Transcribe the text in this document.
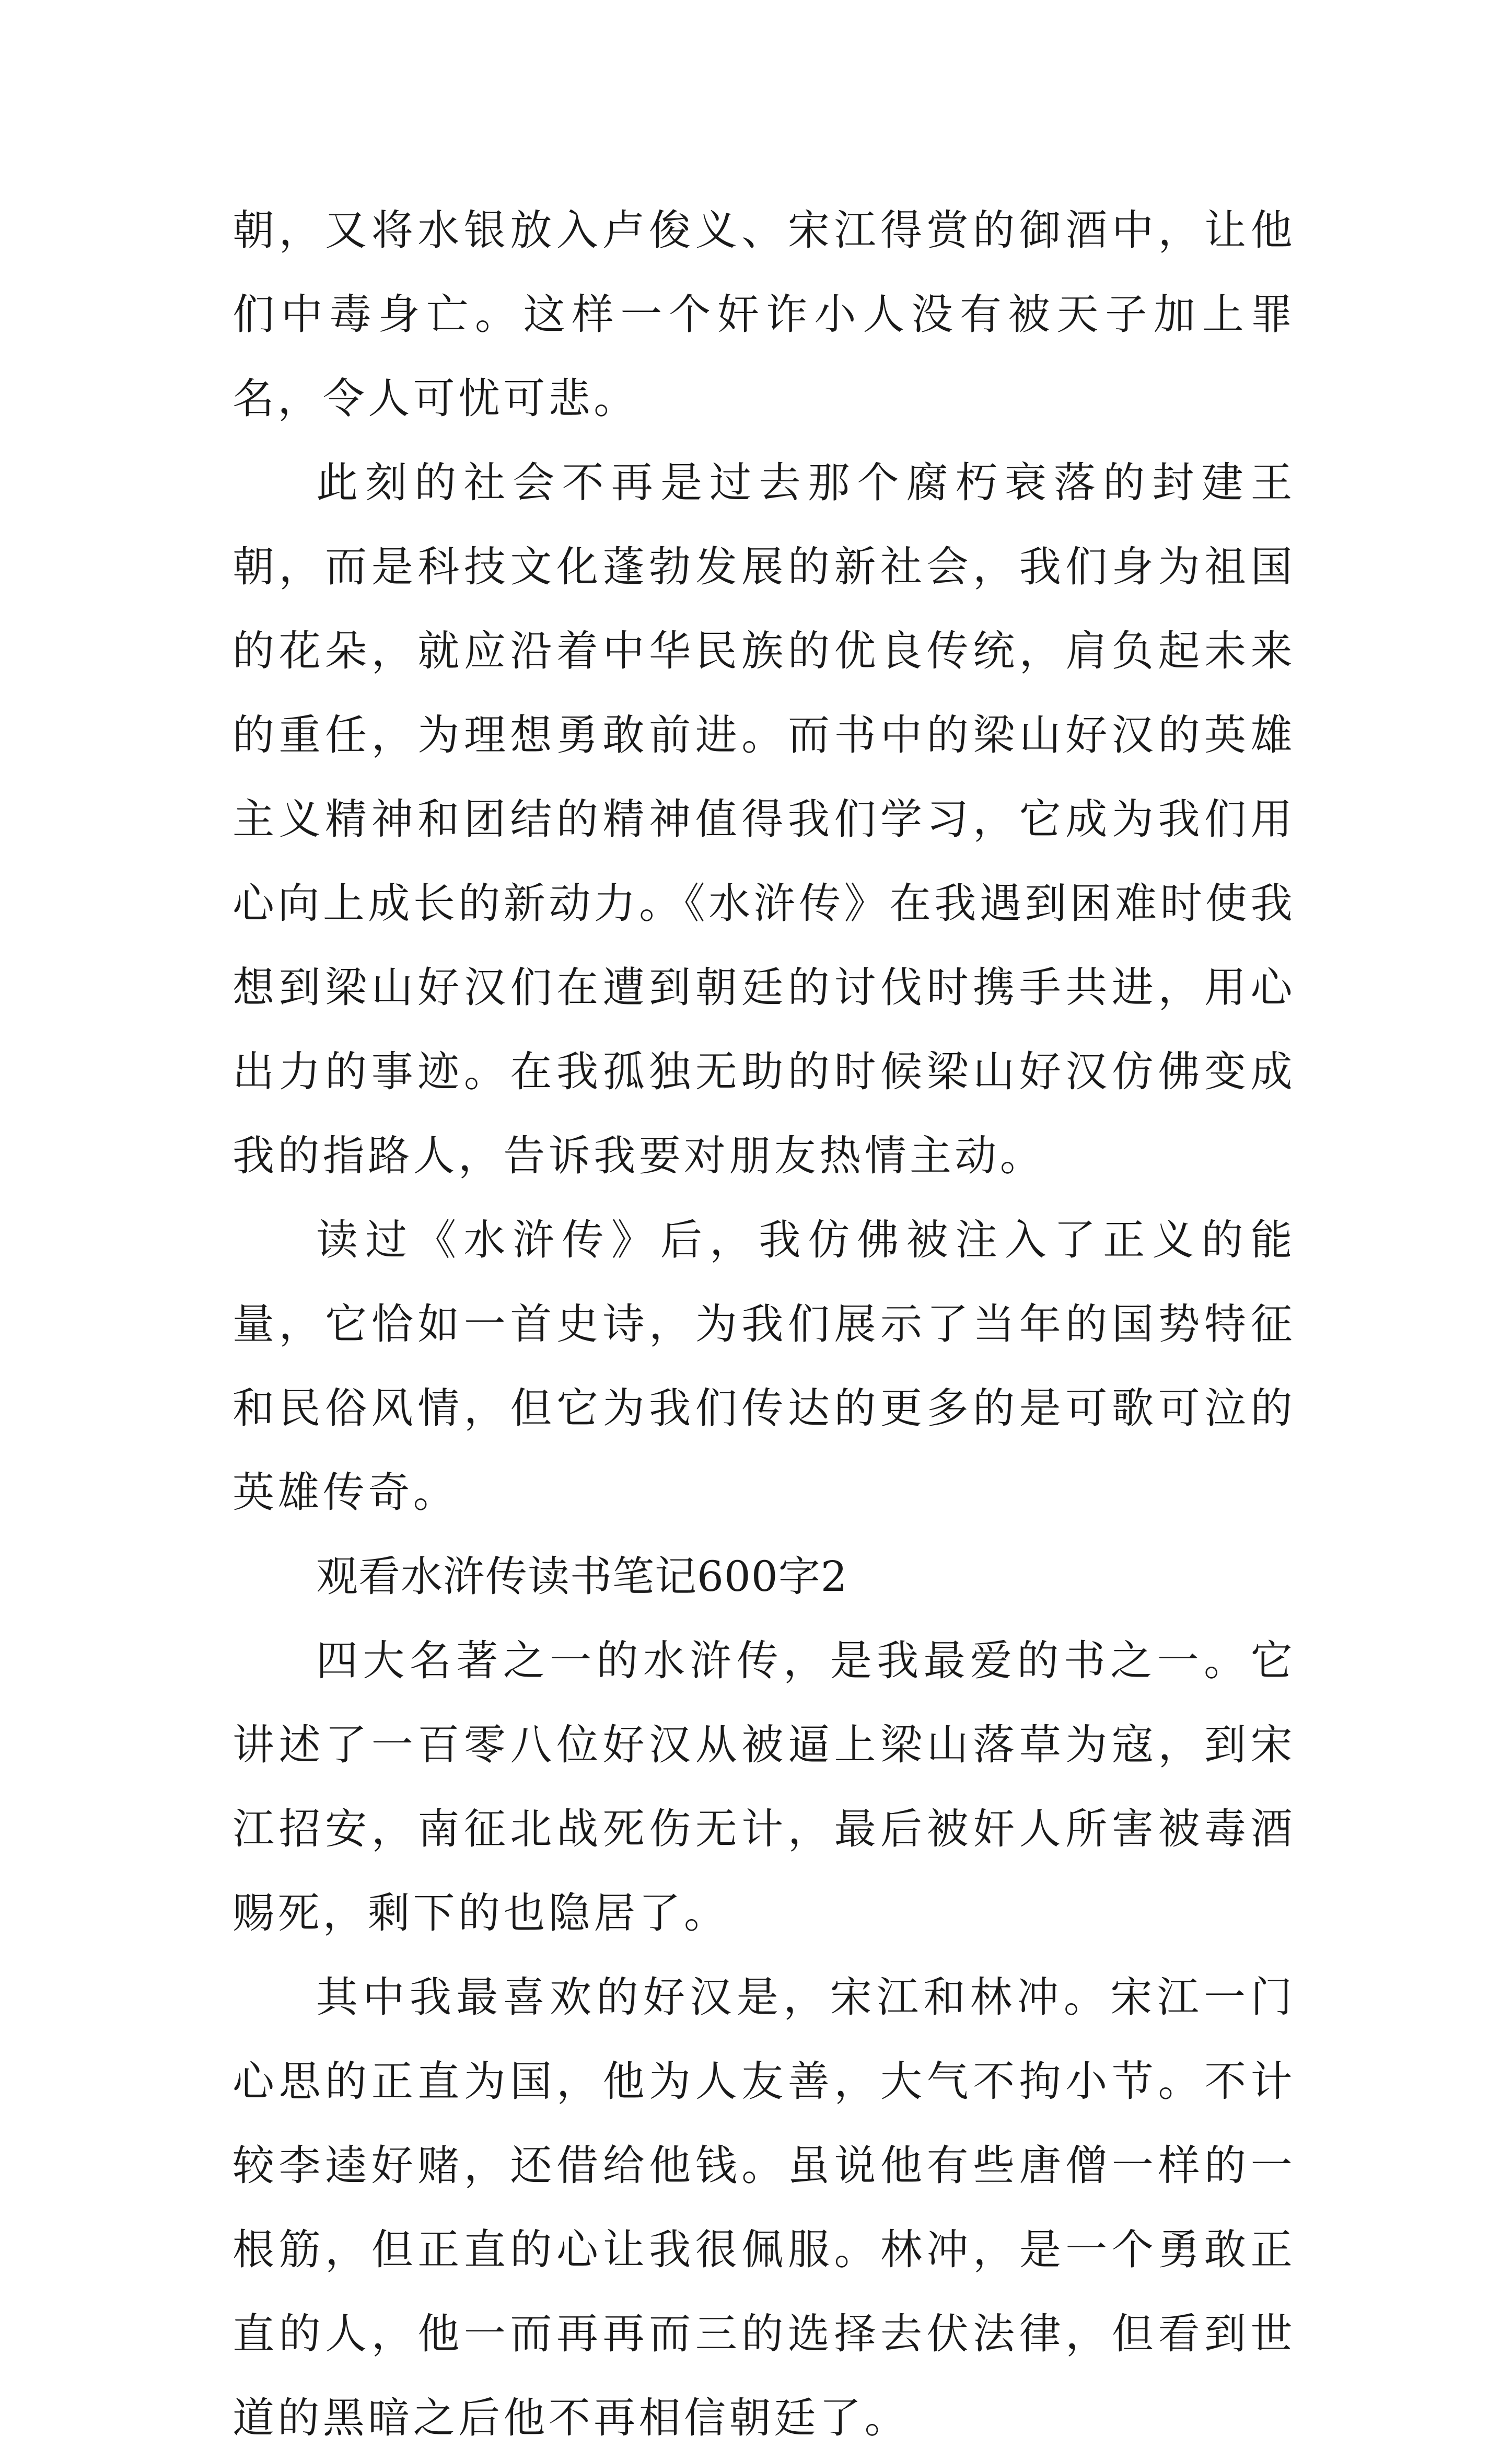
朝，又将水银放入卢俊义、宋江得赏的御酒中，让他们中毒身亡。这样一个奸诈小人没有被天子加上罪名，令人可忧可悲。

此刻的社会不再是过去那个腐朽衰落的封建王朝，而是科技文化蓬勃发展的新社会，我们身为祖国的花朵，就应沿着中华民族的优良传统，肩负起未来的重任，为理想勇敢前进。而书中的梁山好汉的英雄主义精神和团结的精神值得我们学习，它成为我们用心向上成长的新动力。《水浒传》在我遇到困难时使我想到梁山好汉们在遭到朝廷的讨伐时携手共进，用心出力的事迹。在我孤独无助的时候梁山好汉仿佛变成我的指路人，告诉我要对朋友热情主动。

读过《水浒传》后，我仿佛被注入了正义的能量，它恰如一首史诗，为我们展示了当年的国势特征和民俗风情，但它为我们传达的更多的是可歌可泣的英雄传奇。

观看水浒传读书笔记600字2

四大名著之一的水浒传，是我最爱的书之一。它讲述了一百零八位好汉从被逼上梁山落草为寇，到宋江招安，南征北战死伤无计，最后被奸人所害被毒酒赐死，剩下的也隐居了。

其中我最喜欢的好汉是，宋江和林冲。宋江一门心思的正直为国，他为人友善，大气不拘小节。不计较李逵好赌，还借给他钱。虽说他有些唐僧一样的一根筋，但正直的心让我很佩服。林冲，是一个勇敢正直的人，他一而再再而三的选择去伏法律，但看到世道的黑暗之后他不再相信朝廷了。
